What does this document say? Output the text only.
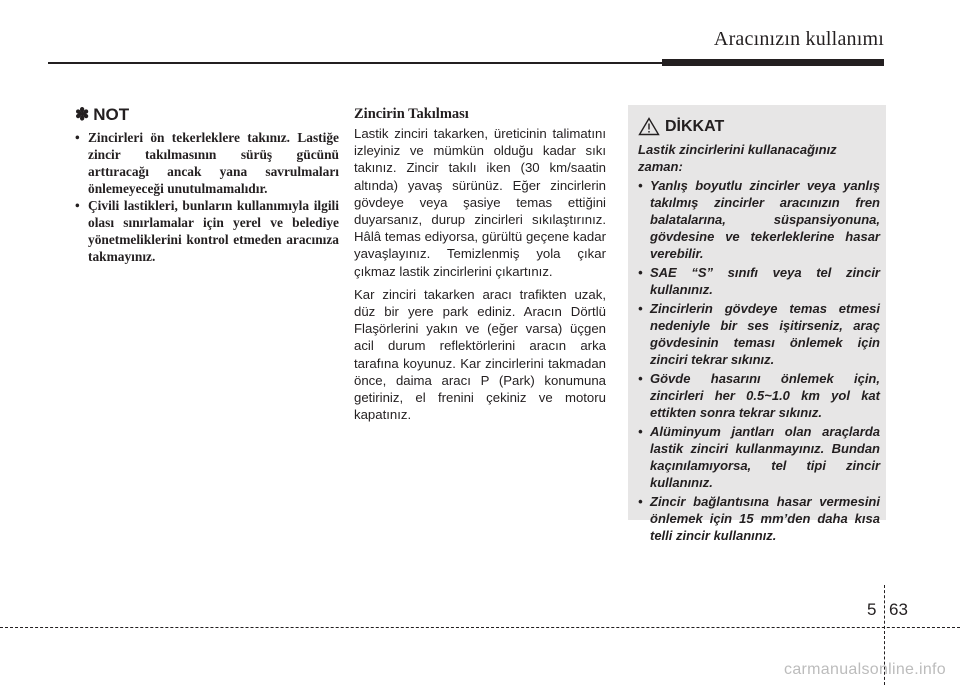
Aracınızın kullanımı
✽ NOT
• Zincirleri ön tekerleklere takınız. Lastiğe zincir takılmasının sürüş gücünü arttıracağı ancak yana savrulmaları önlemeyeceği unutulmamalıdır.
• Çivili lastikleri, bunların kullanımıyla ilgili olası sınırlamalar için yerel ve belediye yönetmeliklerini kontrol etmeden aracınıza takmayınız.
Zincirin Takılması

Lastik zinciri takarken, üreticinin talimatını izleyiniz ve mümkün olduğu kadar sıkı takınız. Zincir takılı iken (30 km/saatin altında) yavaş sürünüz. Eğer zincirlerin gövdeye veya şasiye temas ettiğini duyarsanız, durup zincirleri sıkılaştırınız. Hâlâ temas ediyorsa, gürültü geçene kadar yavaşlayınız. Temizlenmiş yola çıkar çıkmaz lastik zincirlerini çıkartınız.

Kar zinciri takarken aracı trafikten uzak, düz bir yere park ediniz. Aracın Dörtlü Flaşörlerini yakın ve (eğer varsa) üçgen acil durum reflektörlerini aracın arka tarafına koyunuz. Kar zincirlerini takmadan önce, daima aracı P (Park) konumuna getiriniz, el frenini çekiniz ve motoru kapatınız.

DİKKAT

Lastik zincirlerini kullanacağınız zaman:

• Yanlış boyutlu zincirler veya yanlış takılmış zincirler aracınızın fren balatalarına, süspansiyonuna, gövdesine ve tekerleklerine hasar verebilir.
• SAE “S” sınıfı veya tel zincir kullanınız.
• Zincirlerin gövdeye temas etmesi nedeniyle bir ses işitirseniz, araç gövdesinin teması önlemek için zinciri tekrar sıkınız.
• Gövde hasarını önlemek için, zincirleri her 0.5~1.0 km yol kat ettikten sonra tekrar sıkınız.
• Alüminyum jantları olan araçlarda lastik zinciri kullanmayınız. Bundan kaçınılamıyorsa, tel tipi zincir kullanınız.
• Zincir bağlantısına hasar vermesini önlemek için 15 mm’den daha kısa telli zincir kullanınız.
5 63
carmanualsonline.info
